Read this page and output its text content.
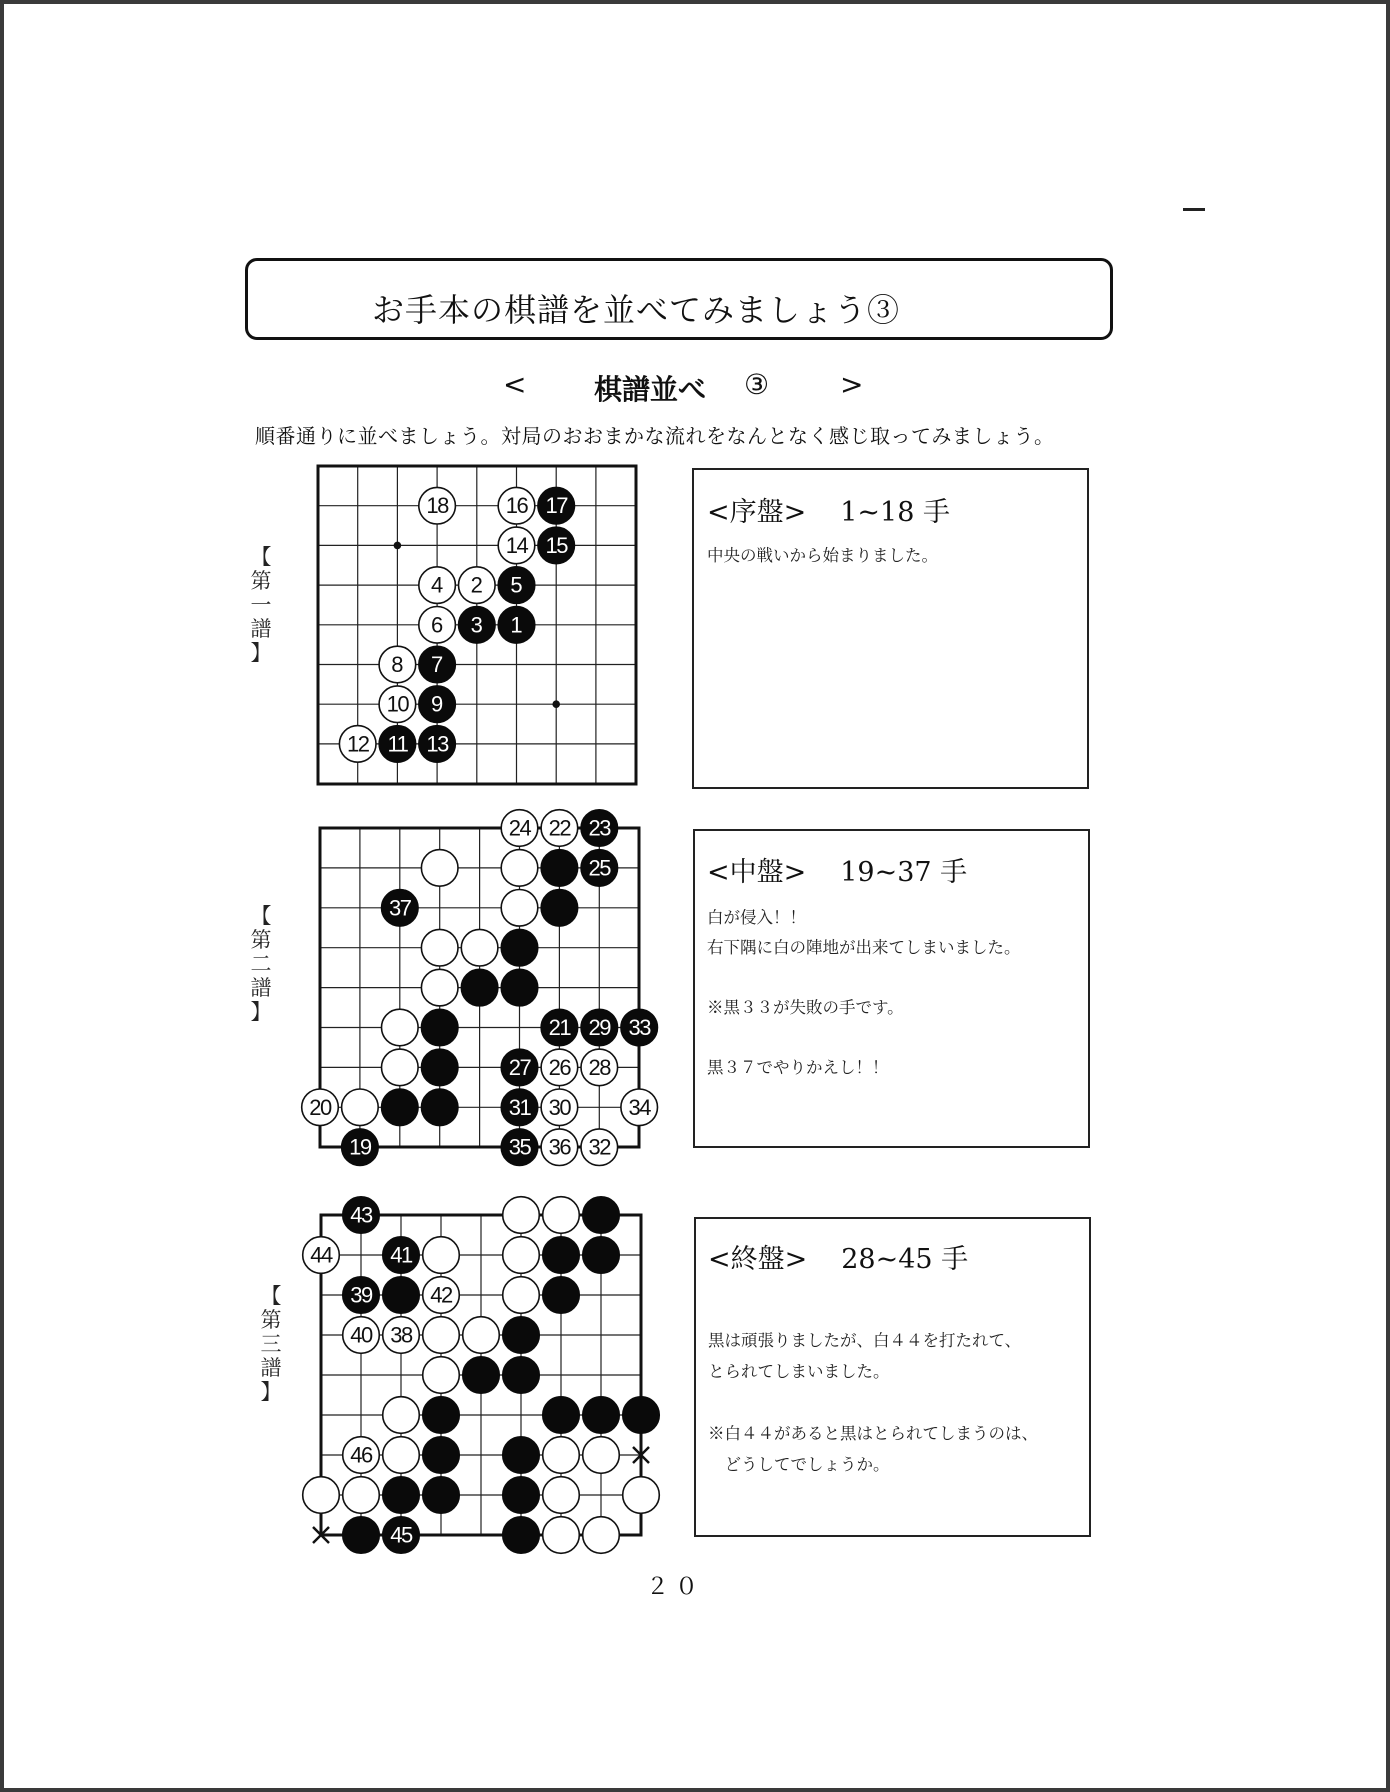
お手本の棋譜を並べてみましょう③
< 棋譜並べ ③	>
順番通りに並べましょう。対局のおおまかな流れをなんとなく感じ取ってみましょう。
【
第
一
譜
】
【
第
二
譜
】
【
第
三
譜
】
18	16 17
14 15
4 2 5
6 3 1
8 7
10 9
12 11 13
24 22 23
25
37
21 29 33
27 26 28
20	31 30	34
19	35 36 32
43
44	41
39	42
40 38
46
45
<序盤> 1~18 手
中央の戦いから始まりました。
<中盤> 19~37 手
白が侵入！！
右下隅に白の陣地が出来てしまいました。
※黒３３が失敗の手です。
黒３７でやりかえし！！
<終盤> 28~45 手
黒は頑張りましたが、白４４を打たれて、
とられてしまいました。
※白４４があると黒はとられてしまうのは、
　どうしてでしょうか。
２０
